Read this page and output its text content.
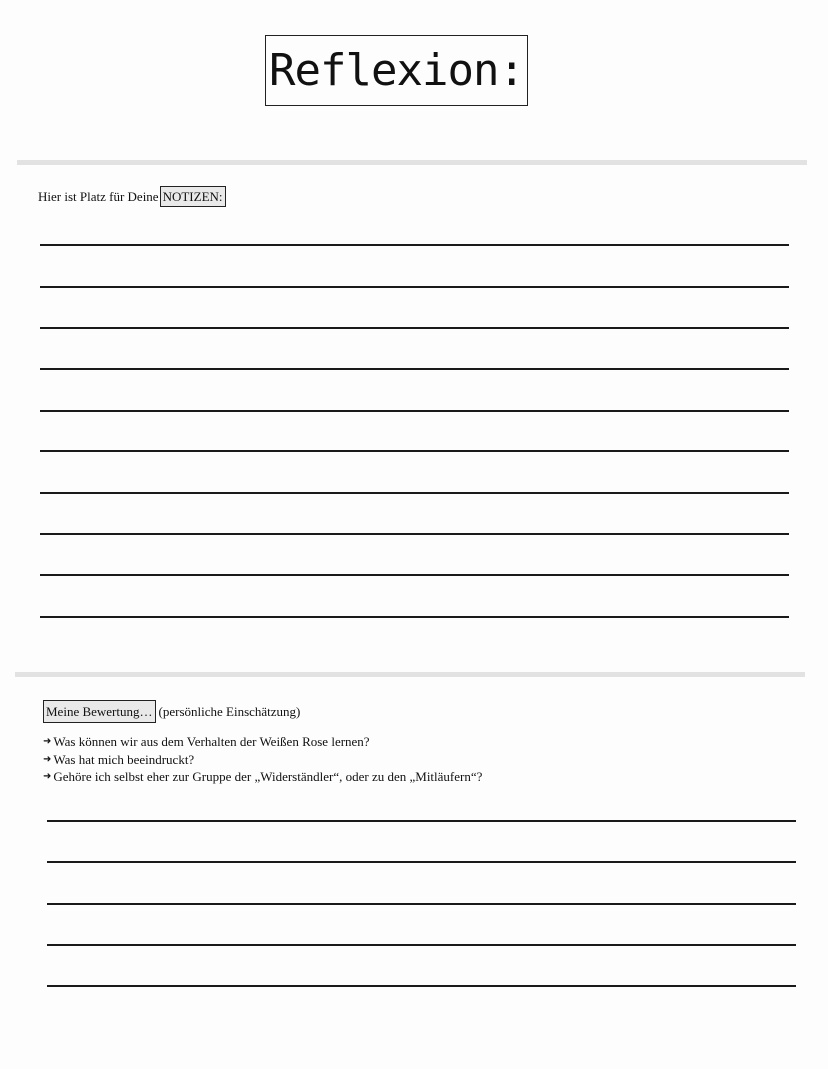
Reflexion:
Hier ist Platz für Deine NOTIZEN:
Meine Bewertung… (persönliche Einschätzung)
➜ Was können wir aus dem Verhalten der Weißen Rose lernen?
➜ Was hat mich beeindruckt?
➜ Gehöre ich selbst eher zur Gruppe der „Widerständler“, oder zu den „Mitläufern“?
